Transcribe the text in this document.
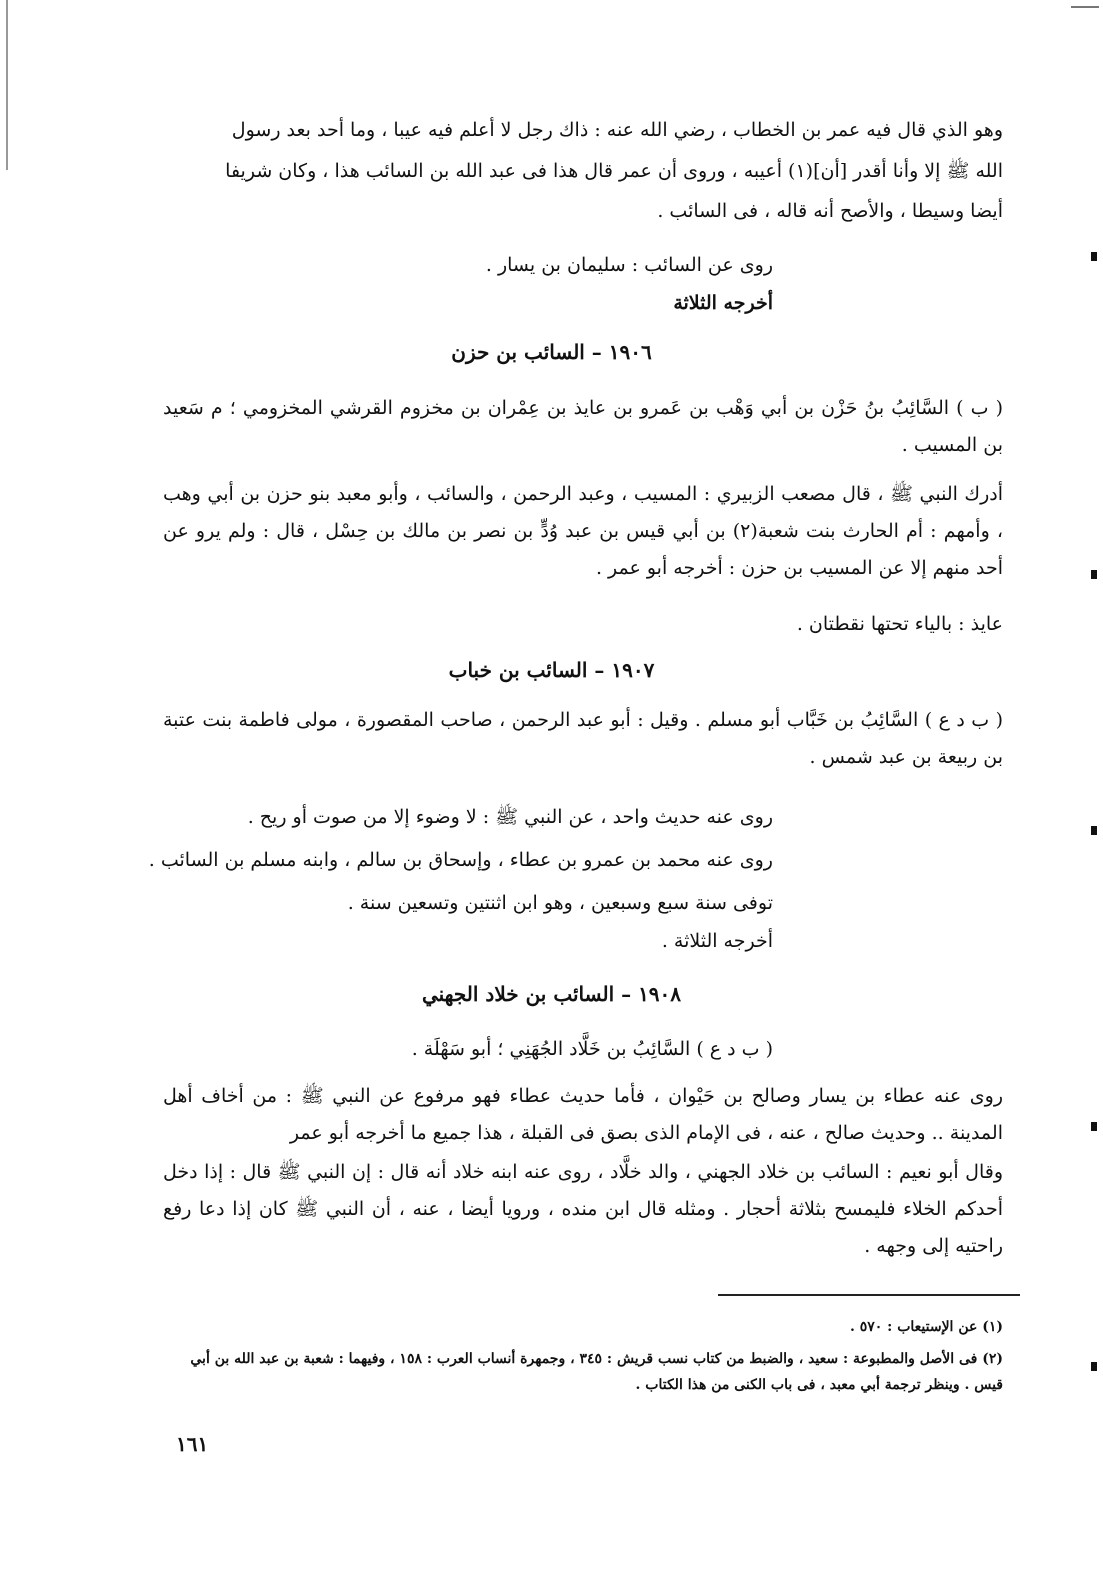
وهو الذي قال فيه عمر بن الخطاب ، رضي الله عنه : ذاك رجل لا أعلم فيه عيبا ، وما أحد بعد رسول
الله ﷺ إلا وأنا أقدر [أن](١) أعيبه ، وروى أن عمر قال هذا فى عبد الله بن السائب هذا ، وكان شريفا
أيضا وسيطا ، والأصح أنه قاله ، فى السائب .
روى عن السائب : سليمان بن يسار .
أخرجه الثلاثة
١٩٠٦ – السائب بن حزن
( ب ) السَّائِبُ بنُ حَزْن بن أبي وَهْب بن عَمرو بن عايذ بن عِمْران بن مخزوم القرشي المخزومي ؛ م سَعيد بن المسيب .
أدرك النبي ﷺ ، قال مصعب الزبيري : المسيب ، وعبد الرحمن ، والسائب ، وأبو معبد بنو حزن بن أبي وهب ، وأمهم : أم الحارث بنت شعبة(٢) بن أبي قيس بن عبد وُدٍّ بن نصر بن مالك بن حِسْل ، قال : ولم يرو عن أحد منهم إلا عن المسيب بن حزن : أخرجه أبو عمر .
عايذ : بالياء تحتها نقطتان .
١٩٠٧ – السائب بن خباب
( ب د ع ) السَّائِبُ بن خَبَّاب أبو مسلم . وقيل : أبو عبد الرحمن ، صاحب المقصورة ، مولى فاطمة بنت عتبة بن ربيعة بن عبد شمس .
روى عنه حديث واحد ، عن النبي ﷺ : لا وضوء إلا من صوت أو ريح .
روى عنه محمد بن عمرو بن عطاء ، وإسحاق بن سالم ، وابنه مسلم بن السائب .
توفى سنة سبع وسبعين ، وهو ابن اثنتين وتسعين سنة .
أخرجه الثلاثة .
١٩٠٨ – السائب بن خلاد الجهني
( ب د ع ) السَّائِبُ بن خَلَّاد الجُهَنِي ؛ أبو سَهْلَة .
روى عنه عطاء بن يسار وصالح بن حَيْوان ، فأما حديث عطاء فهو مرفوع عن النبي ﷺ : من أخاف أهل المدينة .. وحديث صالح ، عنه ، فى الإمام الذى بصق فى القبلة ، هذا جميع ما أخرجه أبو عمر
وقال أبو نعيم : السائب بن خلاد الجهني ، والد خلَّاد ، روى عنه ابنه خلاد أنه قال : إن النبي ﷺ قال : إذا دخل أحدكم الخلاء فليمسح بثلاثة أحجار . ومثله قال ابن منده ، ورويا أيضا ، عنه ، أن النبي ﷺ كان إذا دعا رفع راحتيه إلى وجهه .
(١) عن الإستيعاب : ٥٧٠ .
(٢) فى الأصل والمطبوعة : سعيد ، والضبط من كتاب نسب قريش : ٣٤٥ ، وجمهرة أنساب العرب : ١٥٨ ، وفيهما : شعبة بن عبد الله بن أبي قيس . وينظر ترجمة أبي معبد ، فى باب الكنى من هذا الكتاب .
١٦١
